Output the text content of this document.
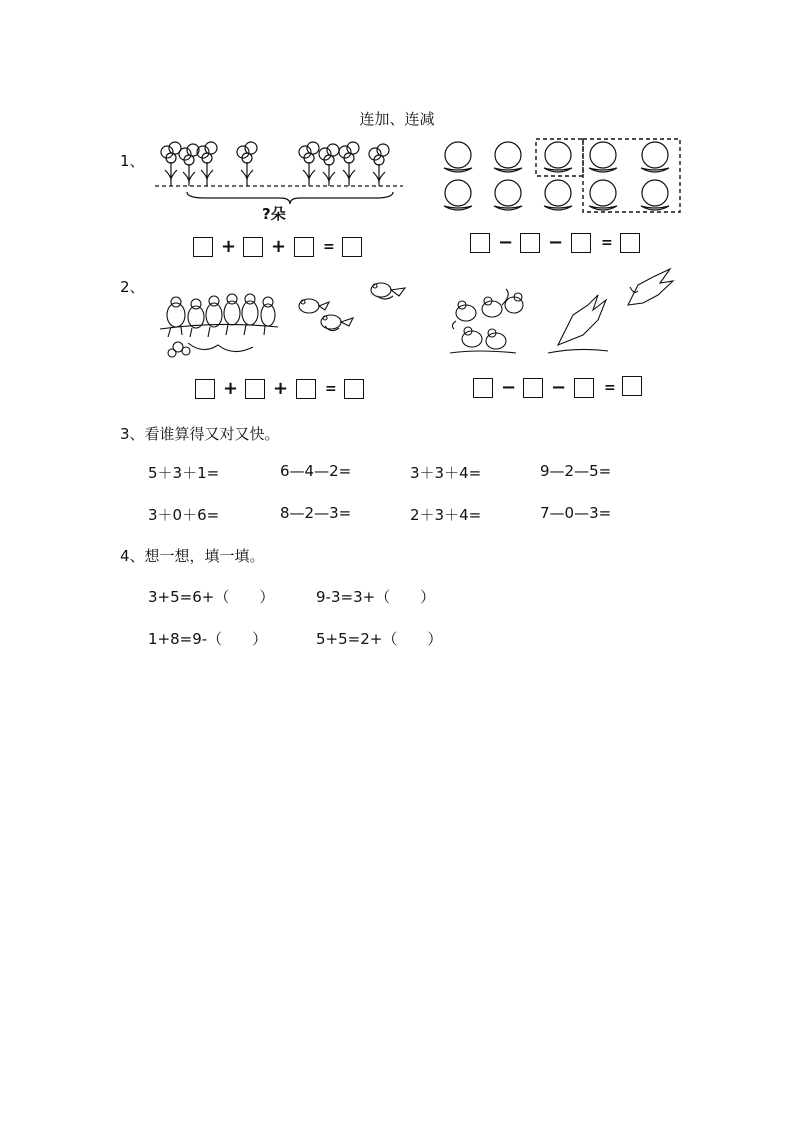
连加、连减
1、
?朵
+ +	=	− −	=
2、
+ +	=	− −	=
3、看谁算得又对又快。
5＋3＋1=	6—4—2=	3＋3＋4=	9—2—5=
3＋0＋6=	8—2—3=	2＋3＋4=	7—0—3=
4、想一想，填一填。
3+5=6+（　　）	9-3=3+（　　）
1+8=9-（　　）	5+5=2+（　　）
